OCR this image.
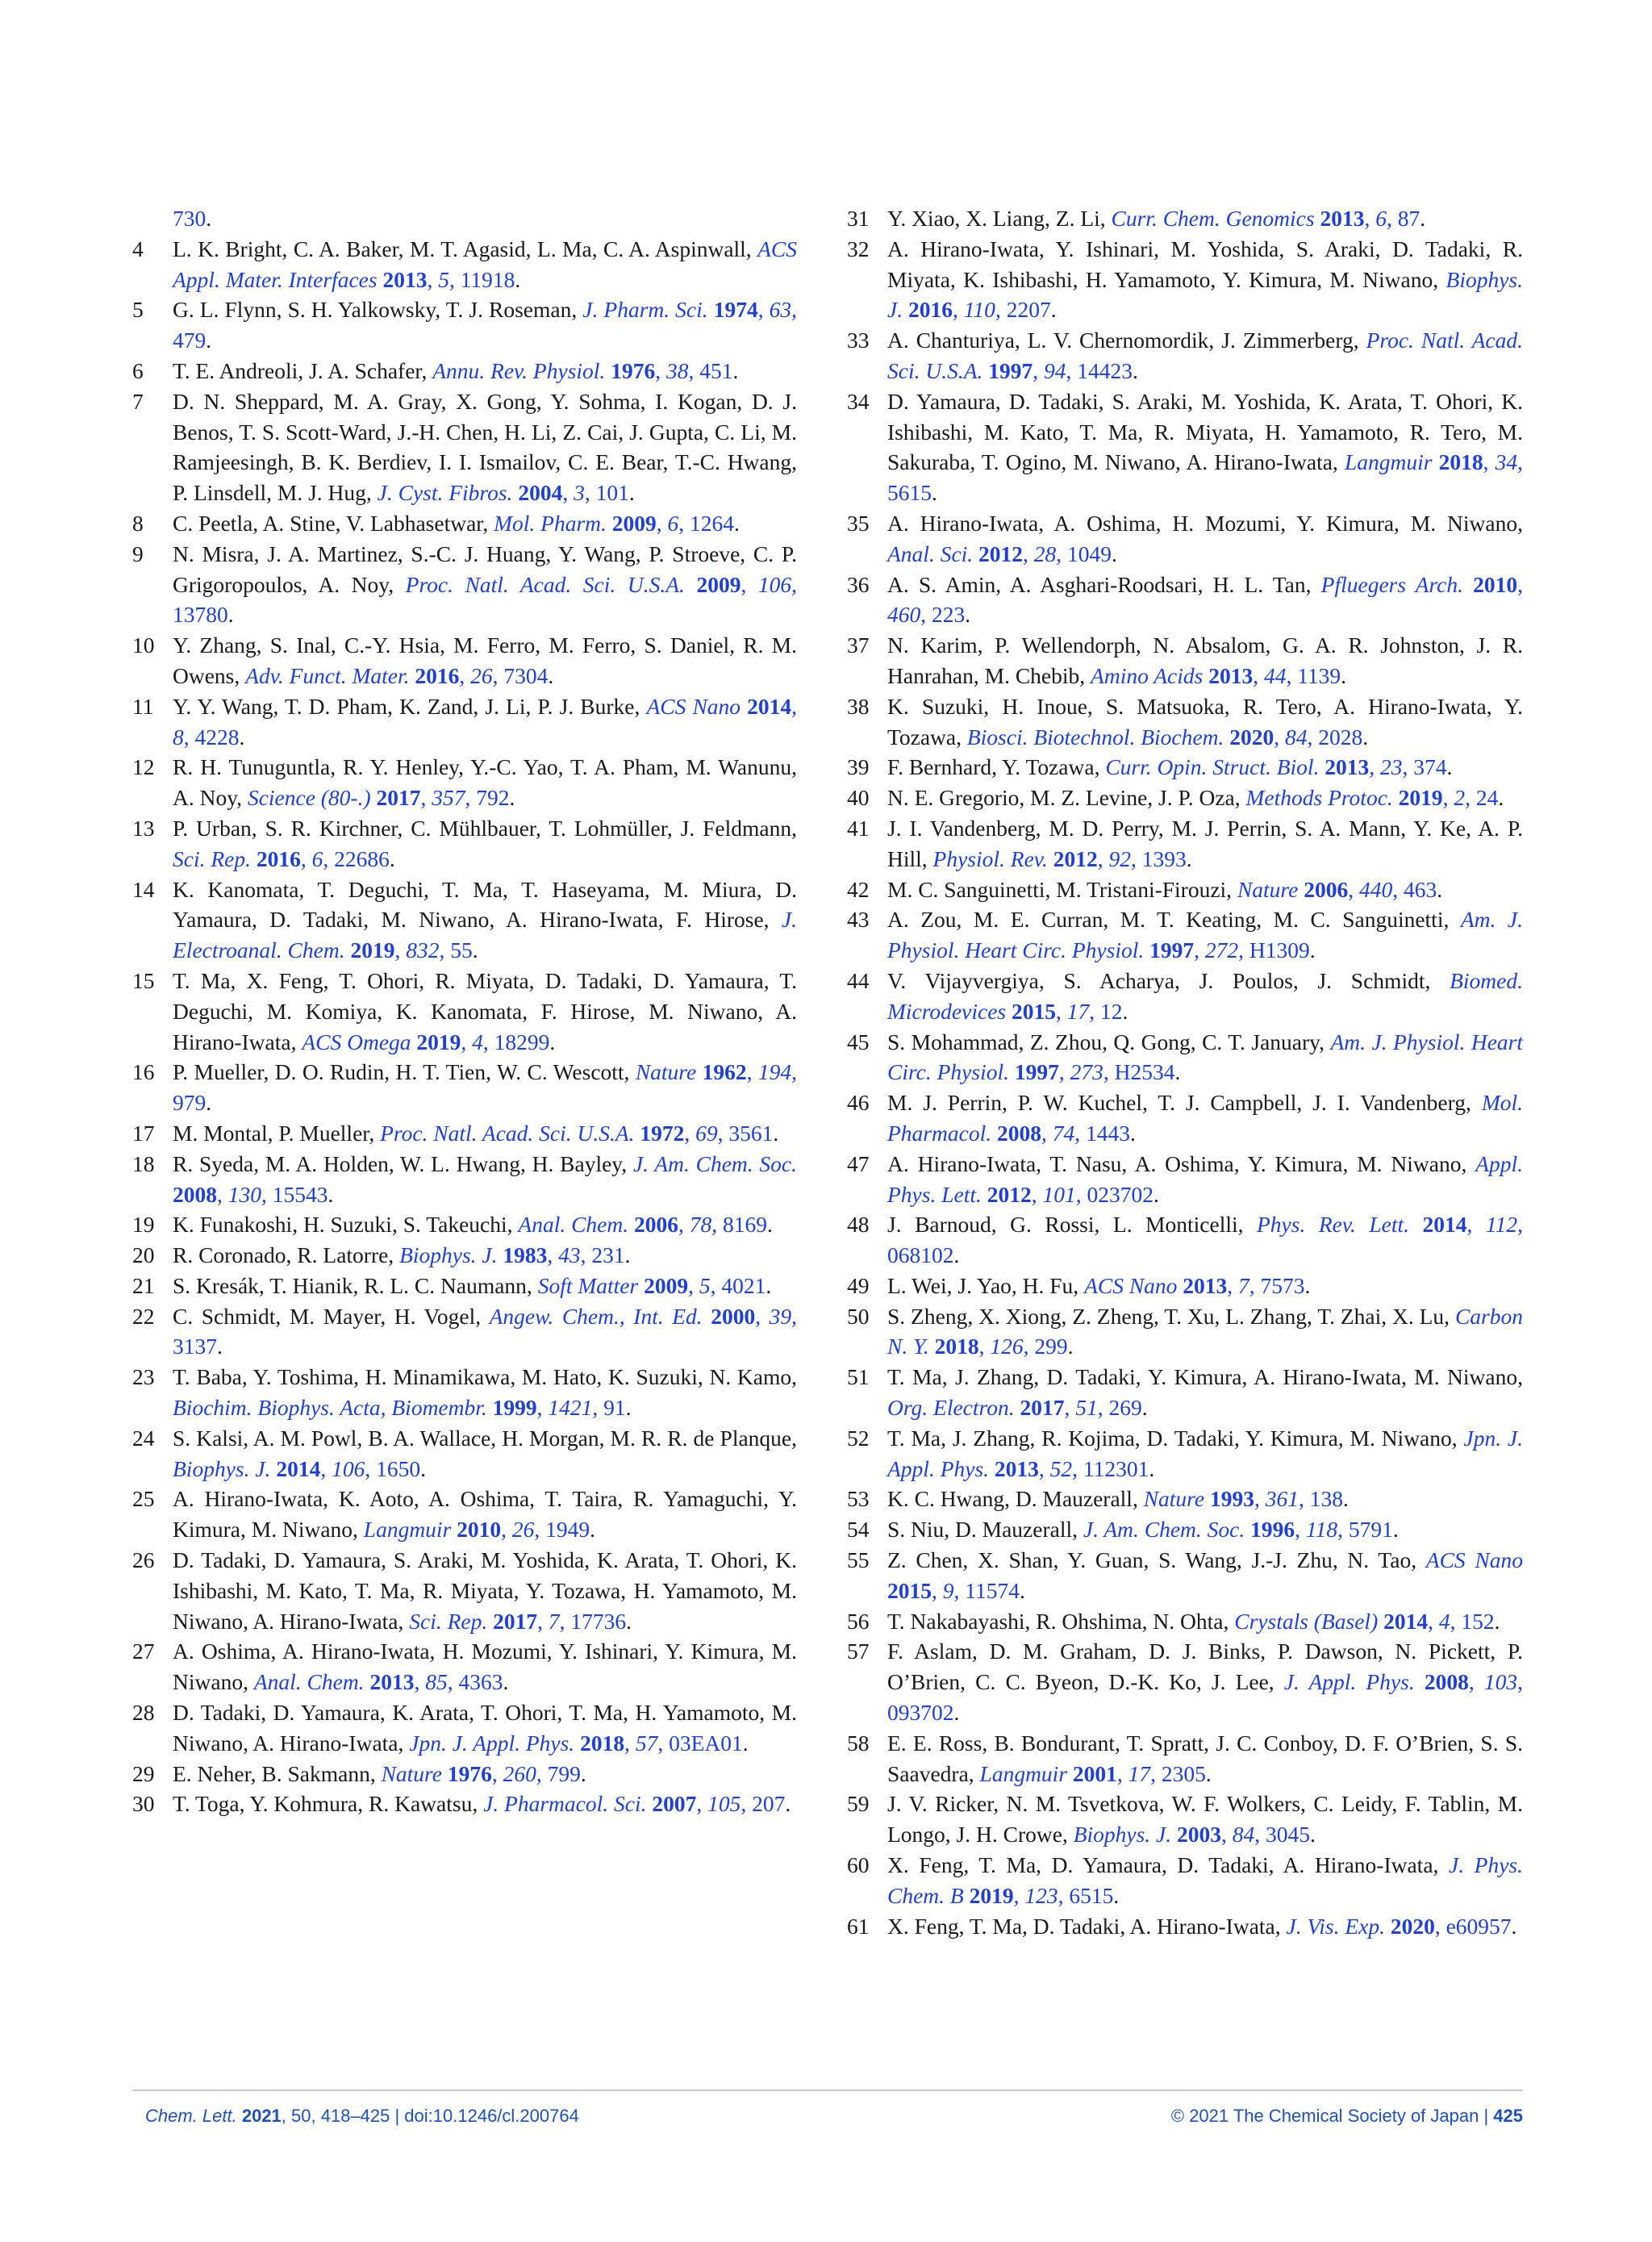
730.
4	L. K. Bright, C. A. Baker, M. T. Agasid, L. Ma, C. A. Aspinwall, ACS Appl. Mater. Interfaces 2013, 5, 11918.
5	G. L. Flynn, S. H. Yalkowsky, T. J. Roseman, J. Pharm. Sci. 1974, 63, 479.
6	T. E. Andreoli, J. A. Schafer, Annu. Rev. Physiol. 1976, 38, 451.
7	D. N. Sheppard, M. A. Gray, X. Gong, Y. Sohma, I. Kogan, D. J. Benos, T. S. Scott-Ward, J.-H. Chen, H. Li, Z. Cai, J. Gupta, C. Li, M. Ramjeesingh, B. K. Berdiev, I. I. Ismailov, C. E. Bear, T.-C. Hwang, P. Linsdell, M. J. Hug, J. Cyst. Fibros. 2004, 3, 101.
8	C. Peetla, A. Stine, V. Labhasetwar, Mol. Pharm. 2009, 6, 1264.
9	N. Misra, J. A. Martinez, S.-C. J. Huang, Y. Wang, P. Stroeve, C. P. Grigoropoulos, A. Noy, Proc. Natl. Acad. Sci. U.S.A. 2009, 106, 13780.
10 Y. Zhang, S. Inal, C.-Y. Hsia, M. Ferro, M. Ferro, S. Daniel, R. M. Owens, Adv. Funct. Mater. 2016, 26, 7304.
11 Y. Y. Wang, T. D. Pham, K. Zand, J. Li, P. J. Burke, ACS Nano 2014, 8, 4228.
12 R. H. Tunuguntla, R. Y. Henley, Y.-C. Yao, T. A. Pham, M. Wanunu, A. Noy, Science (80-.) 2017, 357, 792.
13 P. Urban, S. R. Kirchner, C. Mühlbauer, T. Lohmüller, J. Feldmann, Sci. Rep. 2016, 6, 22686.
14 K. Kanomata, T. Deguchi, T. Ma, T. Haseyama, M. Miura, D. Yamaura, D. Tadaki, M. Niwano, A. Hirano-Iwata, F. Hirose, J. Electroanal. Chem. 2019, 832, 55.
15 T. Ma, X. Feng, T. Ohori, R. Miyata, D. Tadaki, D. Yamaura, T. Deguchi, M. Komiya, K. Kanomata, F. Hirose, M. Niwano, A. Hirano-Iwata, ACS Omega 2019, 4, 18299.
16 P. Mueller, D. O. Rudin, H. T. Tien, W. C. Wescott, Nature 1962, 194, 979.
17 M. Montal, P. Mueller, Proc. Natl. Acad. Sci. U.S.A. 1972, 69, 3561.
18 R. Syeda, M. A. Holden, W. L. Hwang, H. Bayley, J. Am. Chem. Soc. 2008, 130, 15543.
19 K. Funakoshi, H. Suzuki, S. Takeuchi, Anal. Chem. 2006, 78, 8169.
20 R. Coronado, R. Latorre, Biophys. J. 1983, 43, 231.
21 S. Kresák, T. Hianik, R. L. C. Naumann, Soft Matter 2009, 5, 4021.
22 C. Schmidt, M. Mayer, H. Vogel, Angew. Chem., Int. Ed. 2000, 39, 3137.
23 T. Baba, Y. Toshima, H. Minamikawa, M. Hato, K. Suzuki, N. Kamo, Biochim. Biophys. Acta, Biomembr. 1999, 1421, 91.
24 S. Kalsi, A. M. Powl, B. A. Wallace, H. Morgan, M. R. R. de Planque, Biophys. J. 2014, 106, 1650.
25 A. Hirano-Iwata, K. Aoto, A. Oshima, T. Taira, R. Yamaguchi, Y. Kimura, M. Niwano, Langmuir 2010, 26, 1949.
26 D. Tadaki, D. Yamaura, S. Araki, M. Yoshida, K. Arata, T. Ohori, K. Ishibashi, M. Kato, T. Ma, R. Miyata, Y. Tozawa, H. Yamamoto, M. Niwano, A. Hirano-Iwata, Sci. Rep. 2017, 7, 17736.
27 A. Oshima, A. Hirano-Iwata, H. Mozumi, Y. Ishinari, Y. Kimura, M. Niwano, Anal. Chem. 2013, 85, 4363.
28 D. Tadaki, D. Yamaura, K. Arata, T. Ohori, T. Ma, H. Yamamoto, M. Niwano, A. Hirano-Iwata, Jpn. J. Appl. Phys. 2018, 57, 03EA01.
29 E. Neher, B. Sakmann, Nature 1976, 260, 799.
30 T. Toga, Y. Kohmura, R. Kawatsu, J. Pharmacol. Sci. 2007, 105, 207.
31 Y. Xiao, X. Liang, Z. Li, Curr. Chem. Genomics 2013, 6, 87.
32 A. Hirano-Iwata, Y. Ishinari, M. Yoshida, S. Araki, D. Tadaki, R. Miyata, K. Ishibashi, H. Yamamoto, Y. Kimura, M. Niwano, Biophys. J. 2016, 110, 2207.
33 A. Chanturiya, L. V. Chernomordik, J. Zimmerberg, Proc. Natl. Acad. Sci. U.S.A. 1997, 94, 14423.
34 D. Yamaura, D. Tadaki, S. Araki, M. Yoshida, K. Arata, T. Ohori, K. Ishibashi, M. Kato, T. Ma, R. Miyata, H. Yamamoto, R. Tero, M. Sakuraba, T. Ogino, M. Niwano, A. Hirano-Iwata, Langmuir 2018, 34, 5615.
35 A. Hirano-Iwata, A. Oshima, H. Mozumi, Y. Kimura, M. Niwano, Anal. Sci. 2012, 28, 1049.
36 A. S. Amin, A. Asghari-Roodsari, H. L. Tan, Pfluegers Arch. 2010, 460, 223.
37 N. Karim, P. Wellendorph, N. Absalom, G. A. R. Johnston, J. R. Hanrahan, M. Chebib, Amino Acids 2013, 44, 1139.
38 K. Suzuki, H. Inoue, S. Matsuoka, R. Tero, A. Hirano-Iwata, Y. Tozawa, Biosci. Biotechnol. Biochem. 2020, 84, 2028.
39 F. Bernhard, Y. Tozawa, Curr. Opin. Struct. Biol. 2013, 23, 374.
40 N. E. Gregorio, M. Z. Levine, J. P. Oza, Methods Protoc. 2019, 2, 24.
41 J. I. Vandenberg, M. D. Perry, M. J. Perrin, S. A. Mann, Y. Ke, A. P. Hill, Physiol. Rev. 2012, 92, 1393.
42 M. C. Sanguinetti, M. Tristani-Firouzi, Nature 2006, 440, 463.
43 A. Zou, M. E. Curran, M. T. Keating, M. C. Sanguinetti, Am. J. Physiol. Heart Circ. Physiol. 1997, 272, H1309.
44 V. Vijayvergiya, S. Acharya, J. Poulos, J. Schmidt, Biomed. Microdevices 2015, 17, 12.
45 S. Mohammad, Z. Zhou, Q. Gong, C. T. January, Am. J. Physiol. Heart Circ. Physiol. 1997, 273, H2534.
46 M. J. Perrin, P. W. Kuchel, T. J. Campbell, J. I. Vandenberg, Mol. Pharmacol. 2008, 74, 1443.
47 A. Hirano-Iwata, T. Nasu, A. Oshima, Y. Kimura, M. Niwano, Appl. Phys. Lett. 2012, 101, 023702.
48 J. Barnoud, G. Rossi, L. Monticelli, Phys. Rev. Lett. 2014, 112, 068102.
49 L. Wei, J. Yao, H. Fu, ACS Nano 2013, 7, 7573.
50 S. Zheng, X. Xiong, Z. Zheng, T. Xu, L. Zhang, T. Zhai, X. Lu, Carbon N. Y. 2018, 126, 299.
51 T. Ma, J. Zhang, D. Tadaki, Y. Kimura, A. Hirano-Iwata, M. Niwano, Org. Electron. 2017, 51, 269.
52 T. Ma, J. Zhang, R. Kojima, D. Tadaki, Y. Kimura, M. Niwano, Jpn. J. Appl. Phys. 2013, 52, 112301.
53 K. C. Hwang, D. Mauzerall, Nature 1993, 361, 138.
54 S. Niu, D. Mauzerall, J. Am. Chem. Soc. 1996, 118, 5791.
55 Z. Chen, X. Shan, Y. Guan, S. Wang, J.-J. Zhu, N. Tao, ACS Nano 2015, 9, 11574.
56 T. Nakabayashi, R. Ohshima, N. Ohta, Crystals (Basel) 2014, 4, 152.
57 F. Aslam, D. M. Graham, D. J. Binks, P. Dawson, N. Pickett, P. O’Brien, C. C. Byeon, D.-K. Ko, J. Lee, J. Appl. Phys. 2008, 103, 093702.
58 E. E. Ross, B. Bondurant, T. Spratt, J. C. Conboy, D. F. O’Brien, S. S. Saavedra, Langmuir 2001, 17, 2305.
59 J. V. Ricker, N. M. Tsvetkova, W. F. Wolkers, C. Leidy, F. Tablin, M. Longo, J. H. Crowe, Biophys. J. 2003, 84, 3045.
60 X. Feng, T. Ma, D. Yamaura, D. Tadaki, A. Hirano-Iwata, J. Phys. Chem. B 2019, 123, 6515.
61 X. Feng, T. Ma, D. Tadaki, A. Hirano-Iwata, J. Vis. Exp. 2020, e60957.
Chem. Lett. 2021, 50, 418–425 | doi:10.1246/cl.200764	© 2021 The Chemical Society of Japan | 425
